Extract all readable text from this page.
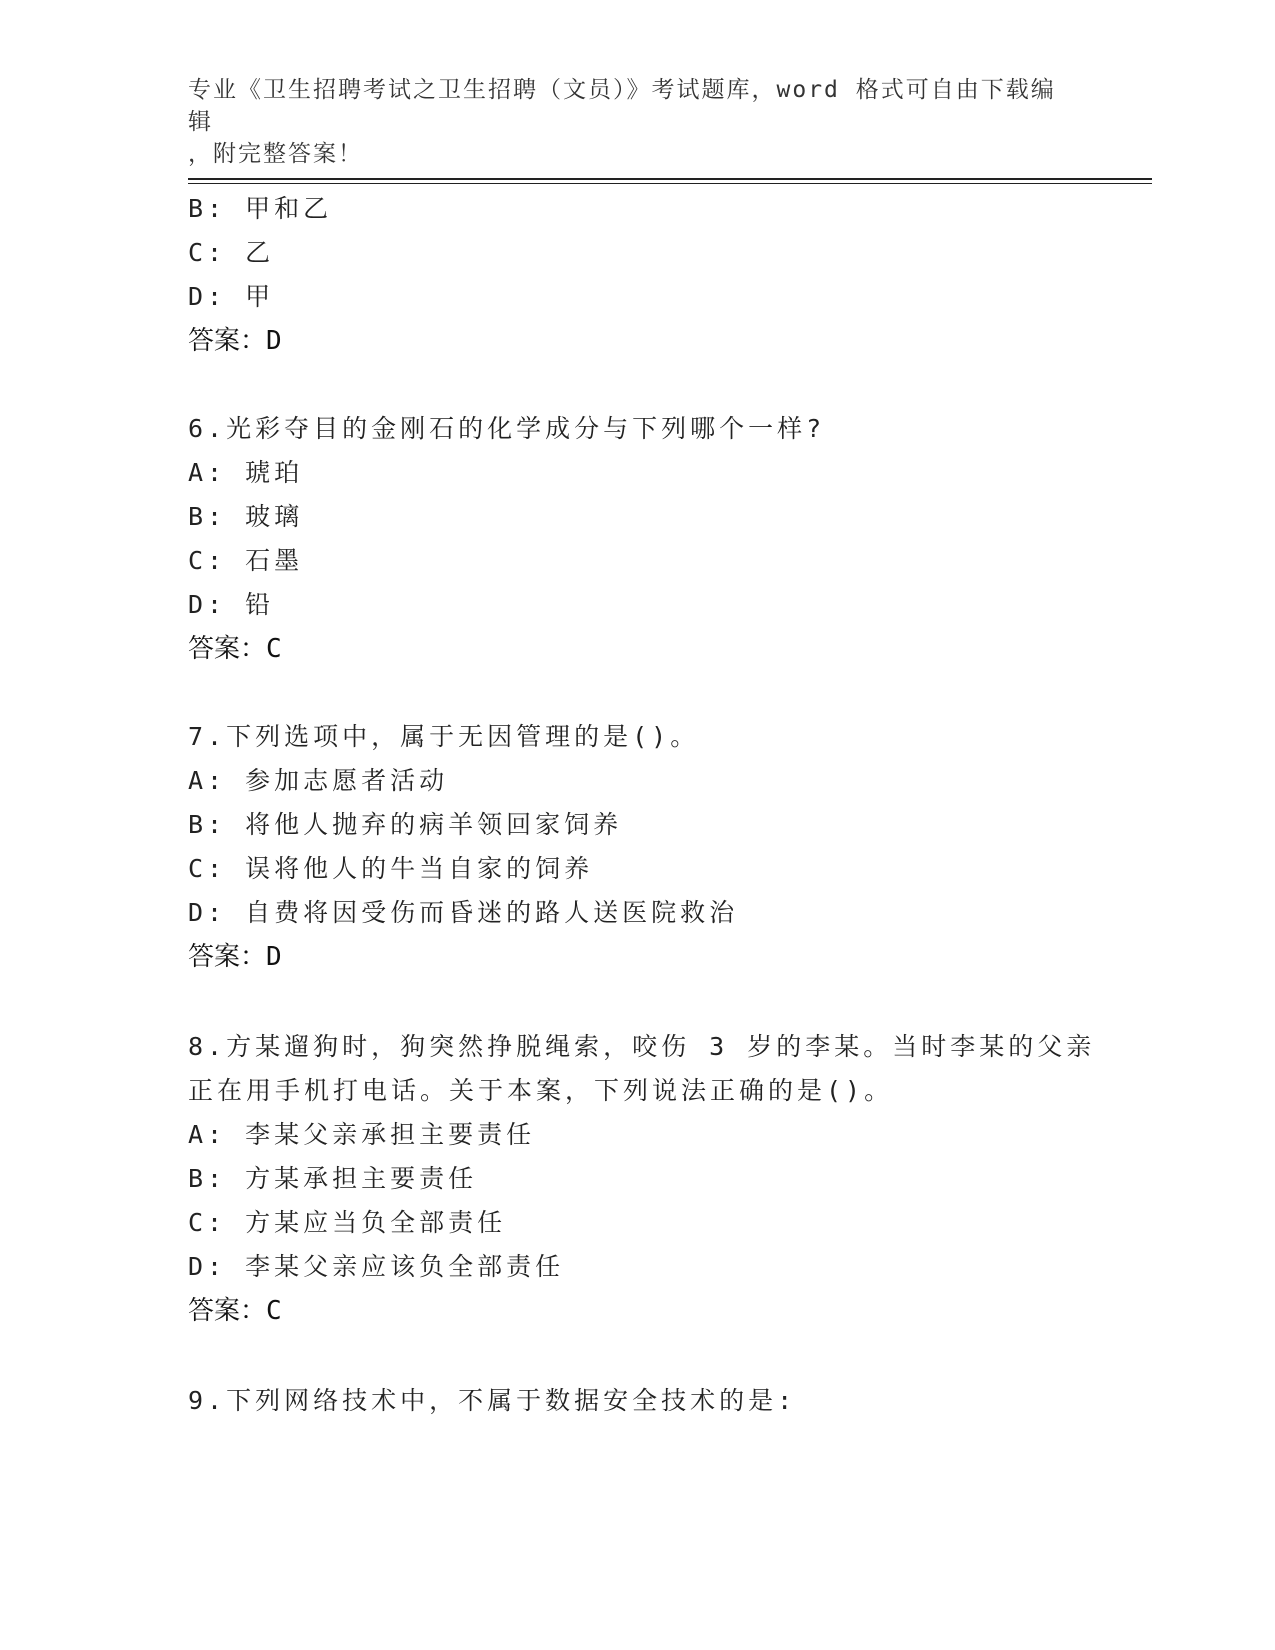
专业《卫生招聘考试之卫生招聘（文员）》考试题库，word 格式可自由下载编辑
，附完整答案！
B: 甲和乙
C: 乙
D: 甲
答案：D
6.光彩夺目的金刚石的化学成分与下列哪个一样?
A: 琥珀
B: 玻璃
C: 石墨
D: 铅
答案：C
7.下列选项中，属于无因管理的是()。
A: 参加志愿者活动
B: 将他人抛弃的病羊领回家饲养
C: 误将他人的牛当自家的饲养
D: 自费将因受伤而昏迷的路人送医院救治
答案：D
8.方某遛狗时，狗突然挣脱绳索，咬伤 3 岁的李某。当时李某的父亲
正在用手机打电话。关于本案，下列说法正确的是()。
A: 李某父亲承担主要责任
B: 方某承担主要责任
C: 方某应当负全部责任
D: 李某父亲应该负全部责任
答案：C
9.下列网络技术中，不属于数据安全技术的是:
